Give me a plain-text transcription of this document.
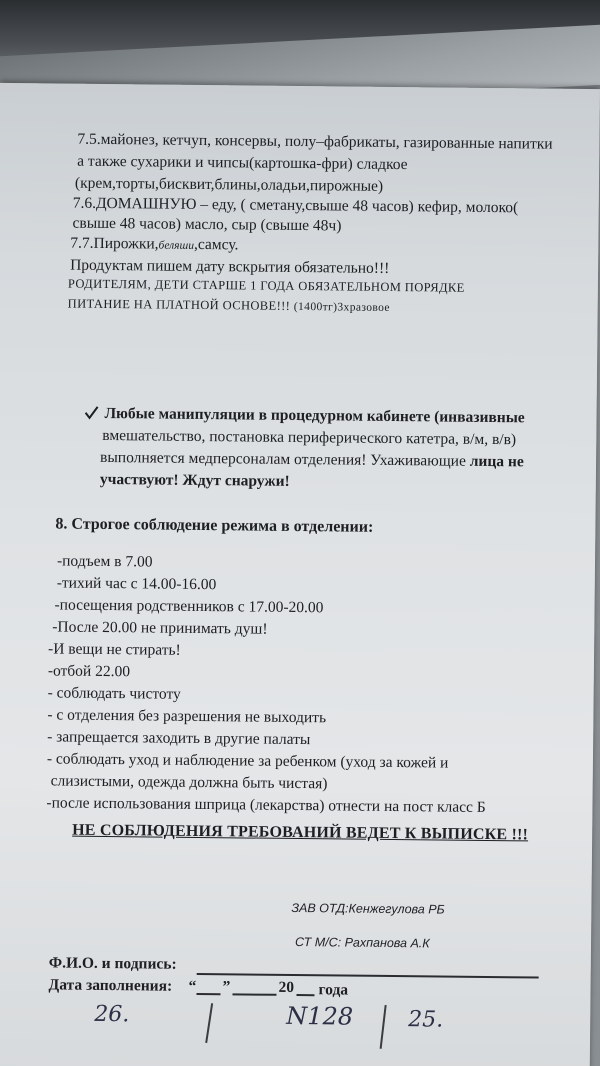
7.5.майонез, кетчуп, консервы, полу–фабрикаты, газированные напитки
а также сухарики и чипсы(картошка-фри) сладкое
(крем,торты,бисквит,блины,оладьи,пирожные)
7.6.ДОМАШНУЮ – еду, ( сметану,свыше 48 часов) кефир, молоко(
свыше 48 часов) масло, сыр (свыше 48ч)
7.7.Пирожки,беляши,самсу.
Продуктам пишем дату вскрытия обязательно!!!
РОДИТЕЛЯМ, ДЕТИ СТАРШЕ 1 ГОДА ОБЯЗАТЕЛЬНОМ ПОРЯДКЕ
ПИТАНИЕ НА ПЛАТНОЙ ОСНОВЕ!!! (1400тг)3хразовое
Любые манипуляции в процедурном кабинете (инвазивные
вмешательство, постановка периферического катетра, в/м, в/в)
выполняется медперсоналам отделения! Ухаживающие лица не
участвуют! Ждут снаружи!
8. Строгое соблюдение режима в отделении:
-подъем в 7.00
-тихий час с 14.00-16.00
-посещения родственников с 17.00-20.00
-После 20.00 не принимать душ!
-И вещи не стирать!
-отбой 22.00
- соблюдать чистоту
- с отделения без разрешения не выходить
- запрещается заходить в другие палаты
- соблюдать уход и наблюдение за ребенком (уход за кожей и
слизистыми, одежда должна быть чистая)
-после использования шприца (лекарства) отнести на пост класс Б
НЕ СОБЛЮДЕНИЯ ТРЕБОВАНИЙ ВЕДЕТ К ВЫПИСКЕ !!!
ЗАВ ОТД:Кенжегулова РБ
СТ М/С: Рахпанова А.К
Ф.И.О. и подпись:
Дата заполнения: “ ”	20 года
26.	N128 25.
